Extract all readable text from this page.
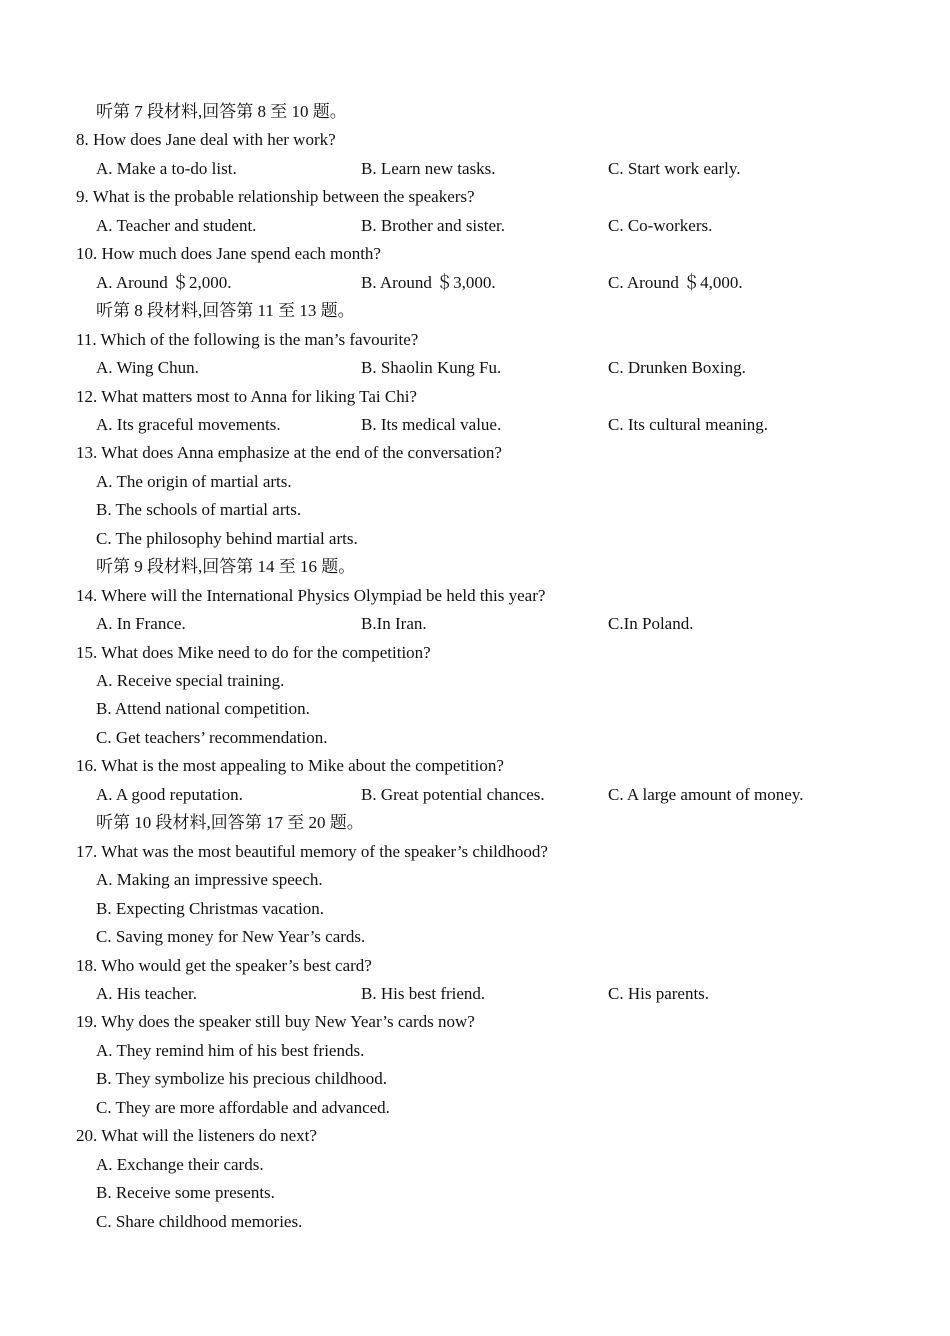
听第 7 段材料,回答第 8 至 10 题。
8. How does Jane deal with her work?
A. Make a to-do list.	B. Learn new tasks.	C. Start work early.
9. What is the probable relationship between the speakers?
A. Teacher and student.	B. Brother and sister.	C. Co-workers.
10. How much does Jane spend each month?
A. Around ＄2,000.	B. Around ＄3,000.	C. Around ＄4,000.
听第 8 段材料,回答第 11 至 13 题。
11. Which of the following is the man’s favourite?
A. Wing Chun.	B. Shaolin Kung Fu.	C. Drunken Boxing.
12. What matters most to Anna for liking Tai Chi?
A. Its graceful movements.	B. Its medical value.	C. Its cultural meaning.
13. What does Anna emphasize at the end of the conversation?
A. The origin of martial arts.
B. The schools of martial arts.
C. The philosophy behind martial arts.
听第 9 段材料,回答第 14 至 16 题。
14. Where will the International Physics Olympiad be held this year?
A. In France.	B.In Iran.	C.In Poland.
15. What does Mike need to do for the competition?
A. Receive special training.
B. Attend national competition.
C. Get teachers’ recommendation.
16. What is the most appealing to Mike about the competition?
A. A good reputation.	B. Great potential chances.	C. A large amount of money.
听第 10 段材料,回答第 17 至 20 题。
17. What was the most beautiful memory of the speaker’s childhood?
A. Making an impressive speech.
B. Expecting Christmas vacation.
C. Saving money for New Year’s cards.
18. Who would get the speaker’s best card?
A. His teacher.	B. His best friend.	C. His parents.
19. Why does the speaker still buy New Year’s cards now?
A. They remind him of his best friends.
B. They symbolize his precious childhood.
C. They are more affordable and advanced.
20. What will the listeners do next?
A. Exchange their cards.
B. Receive some presents.
C. Share childhood memories.
